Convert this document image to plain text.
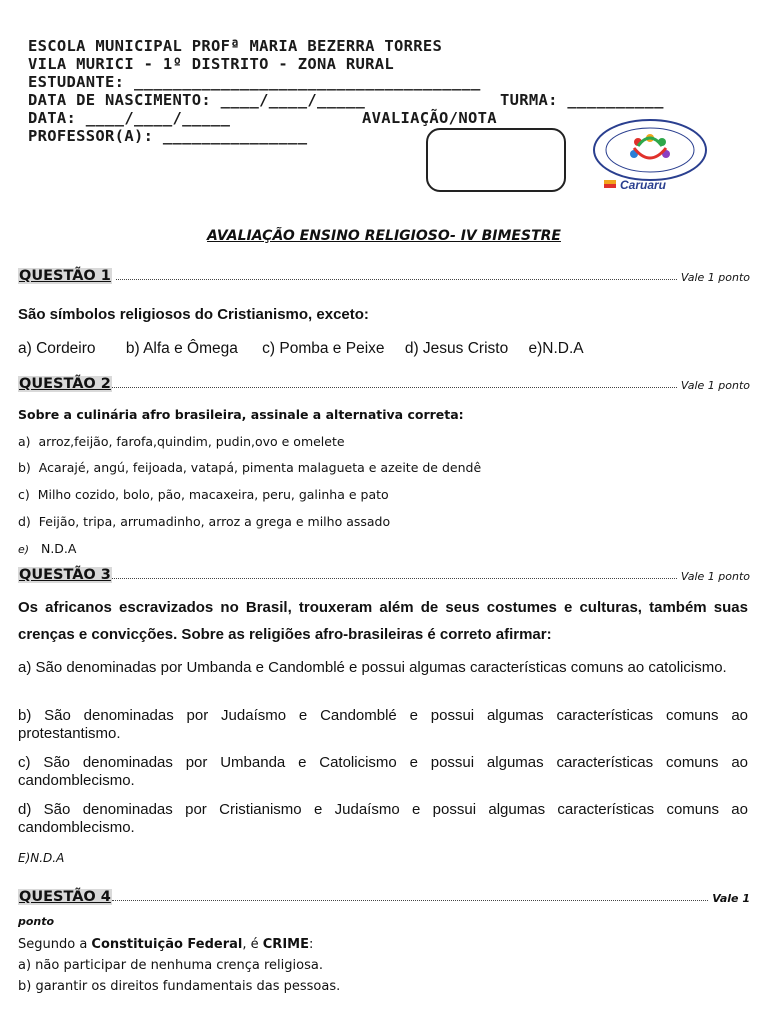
ESCOLA MUNICIPAL PROFª MARIA BEZERRA TORRES
VILA MURICI - 1º DISTRITO - ZONA RURAL
ESTUDANTE: ____________________________________
DATA DE NASCIMENTO: ____/____/_____	TURMA: __________
DATA: ____/____/_____	AVALIAÇÃO/NOTA
PROFESSOR(A): _______________
Caruaru
AVALIAÇÃO ENSINO RELIGIOSO- IV BIMESTRE
QUESTÃO 1	Vale 1 ponto
São símbolos religiosos do Cristianismo, exceto:
a) Cordeiro b) Alfa e Ômega c) Pomba e Peixe d) Jesus Cristo e)N.D.A
QUESTÃO 2	Vale 1 ponto
Sobre a culinária afro brasileira, assinale a alternativa correta:
a) arroz,feijão, farofa,quindim, pudin,ovo e omelete
b) Acarajé, angú, feijoada, vatapá, pimenta malagueta e azeite de dendê
c) Milho cozido, bolo, pão, macaxeira, peru, galinha e pato
d) Feijão, tripa, arrumadinho, arroz a grega e milho assado
e) N.D.A
QUESTÃO 3	Vale 1 ponto
Os africanos escravizados no Brasil, trouxeram além de seus costumes e culturas, também suas crenças e convicções. Sobre as religiões afro-brasileiras é correto afirmar:
a) São denominadas por Umbanda e Candomblé e possui algumas características comuns ao catolicismo.
b) São denominadas por Judaísmo e Candomblé e possui algumas características comuns ao protestantismo.
c) São denominadas por Umbanda e Catolicismo e possui algumas características comuns ao candomblecismo.
d) São denominadas por Cristianismo e Judaísmo e possui algumas características comuns ao candomblecismo.
E)N.D.A
QUESTÃO 4	Vale 1
ponto
Segundo a Constituição Federal, é CRIME:
a) não participar de nenhuma crença religiosa.
b) garantir os direitos fundamentais das pessoas.
